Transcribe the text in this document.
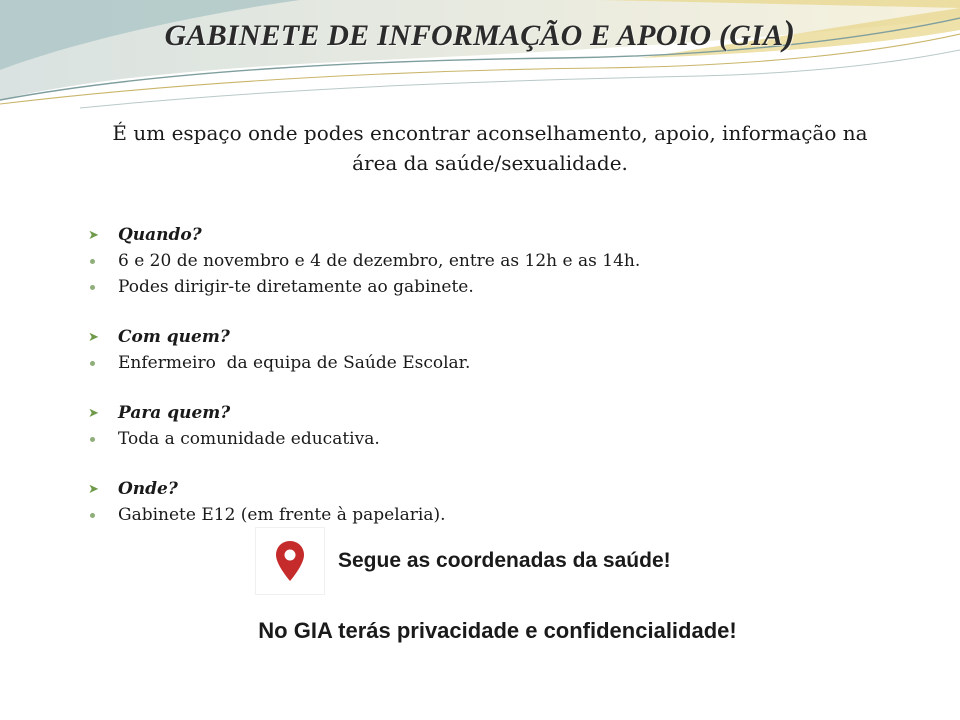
GABINETE DE INFORMAÇÃO E APOIO (GIA)

É um espaço onde podes encontrar aconselhamento, apoio, informação na área da saúde/sexualidade.

➤ Quando?
6 e 20 de novembro e 4 de dezembro, entre as 12h e as 14h.
Podes dirigir-te diretamente ao gabinete.
➤ Com quem?
Enfermeiro  da equipa de Saúde Escolar.
➤ Para quem?
Toda a comunidade educativa.
➤ Onde?
Gabinete E12 (em frente à papelaria).

Segue as coordenadas da saúde!

No GIA terás privacidade e confidencialidade!
